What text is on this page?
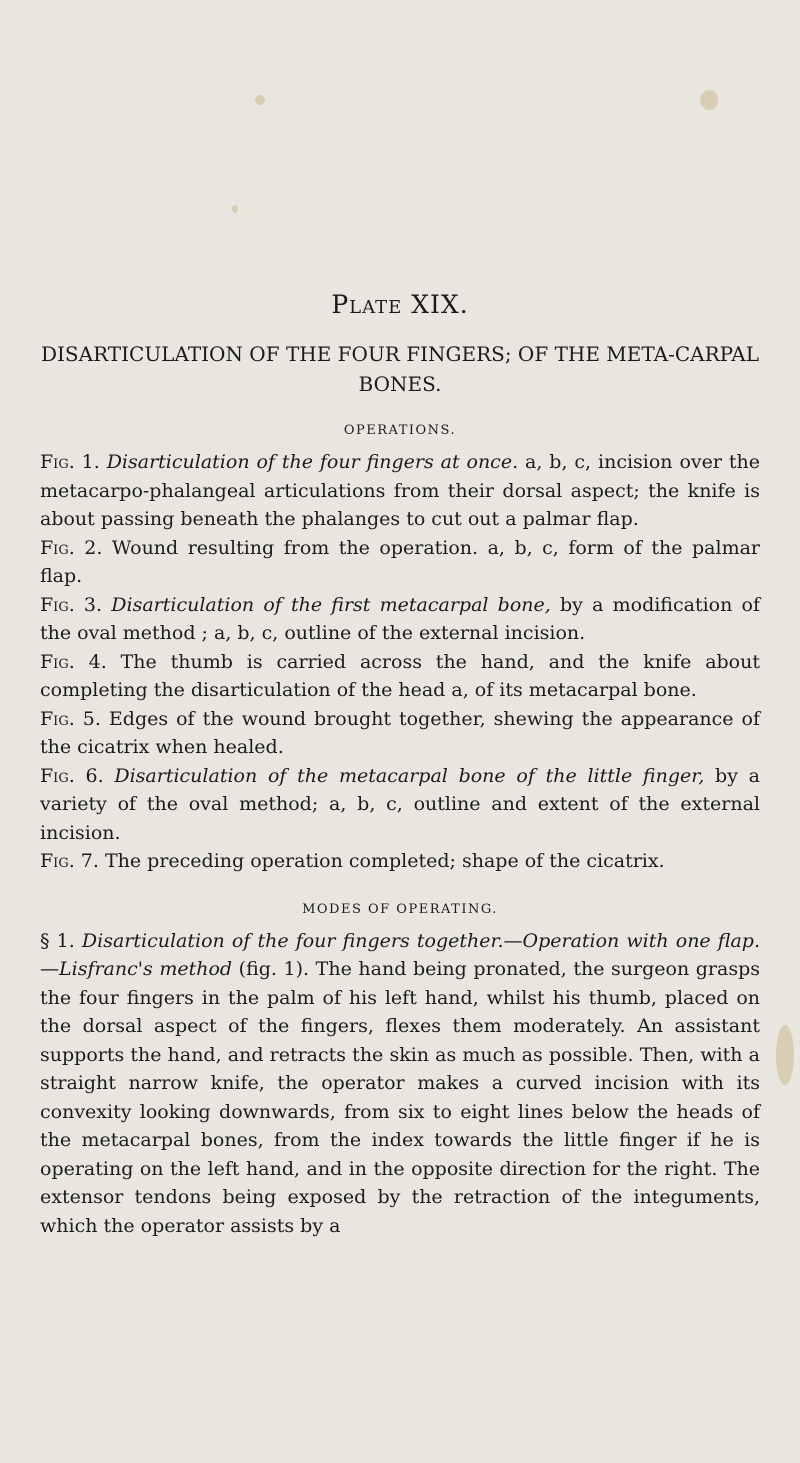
Plate XIX.
DISARTICULATION OF THE FOUR FINGERS; OF THE META-CARPAL BONES.
OPERATIONS.

Fig. 1. Disarticulation of the four fingers at once. a, b, c, incision over the metacarpo-phalangeal articulations from their dorsal aspect; the knife is about passing beneath the phalanges to cut out a palmar flap.

Fig. 2. Wound resulting from the operation. a, b, c, form of the palmar flap.

Fig. 3. Disarticulation of the first metacarpal bone, by a modification of the oval method ; a, b, c, outline of the external incision.

Fig. 4. The thumb is carried across the hand, and the knife about completing the disarticulation of the head a, of its metacarpal bone.

Fig. 5. Edges of the wound brought together, shewing the appearance of the cicatrix when healed.

Fig. 6. Disarticulation of the metacarpal bone of the little finger, by a variety of the oval method; a, b, c, outline and extent of the external incision.

Fig. 7. The preceding operation completed; shape of the cicatrix.

MODES OF OPERATING.

§ 1. Disarticulation of the four fingers together.—Operation with one flap.—Lisfranc's method (fig. 1). The hand being pronated, the surgeon grasps the four fingers in the palm of his left hand, whilst his thumb, placed on the dorsal aspect of the fingers, flexes them moderately. An assistant supports the hand, and retracts the skin as much as possible. Then, with a straight narrow knife, the operator makes a curved incision with its convexity looking downwards, from six to eight lines below the heads of the metacarpal bones, from the index towards the little finger if he is operating on the left hand, and in the opposite direction for the right. The extensor tendons being exposed by the retraction of the integuments, which the operator assists by a
